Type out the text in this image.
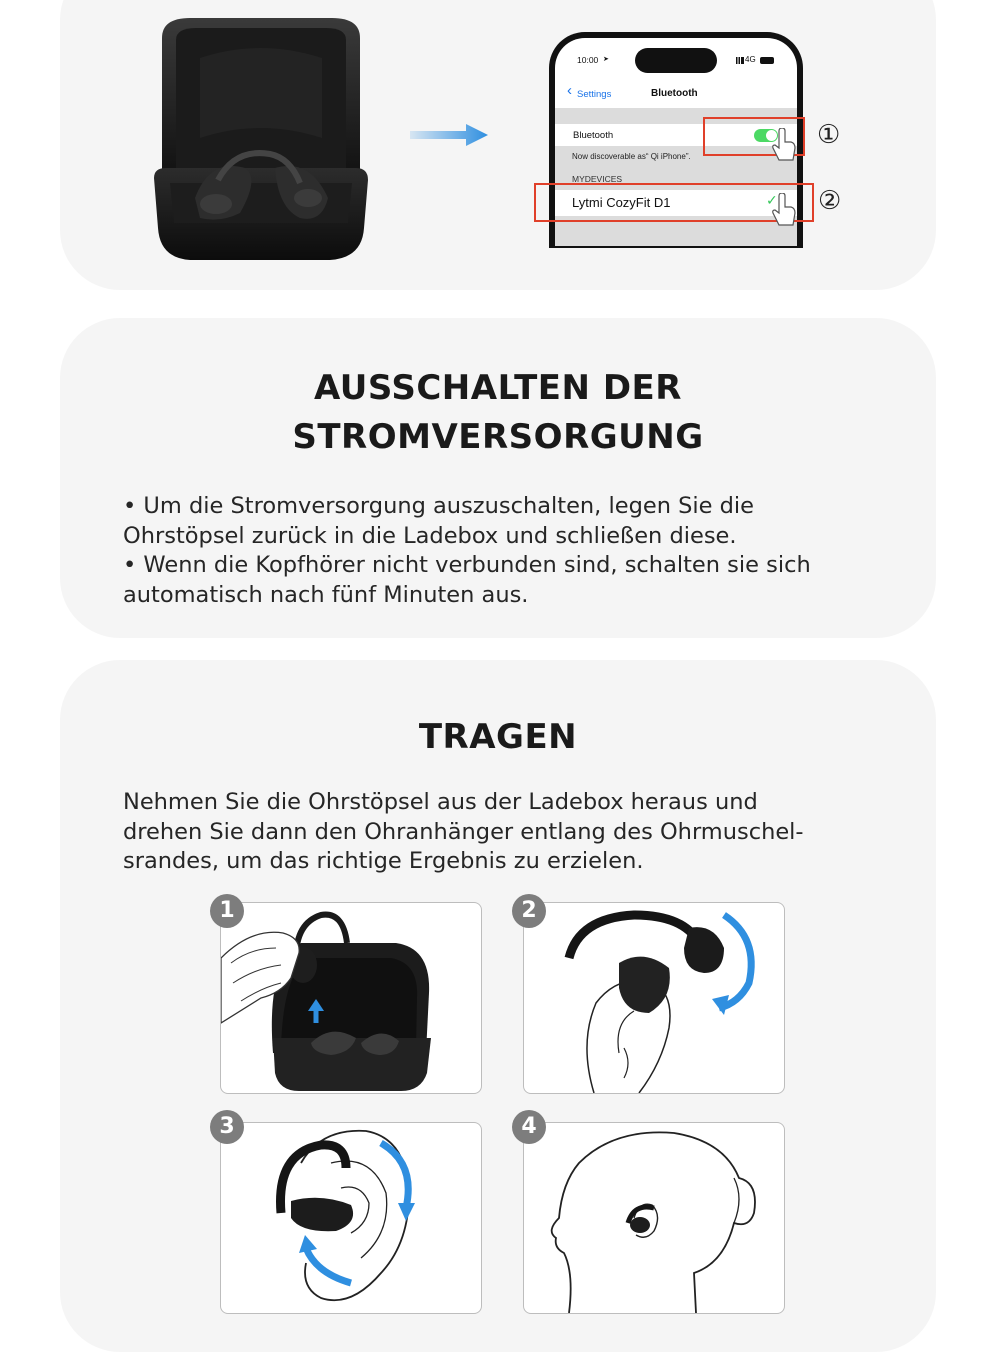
10:00 ➤	4G
‹ Settings	Bluetooth
Bluetooth
Now discoverable as“ Qi iPhone”.
MYDEVICES
Lytmi CozyFit D1	✓
①
②
AUSSCHALTEN DER
STROMVERSORGUNG

• Um die Stromversorgung auszuschalten, legen Sie die

Ohrstöpsel zurück in die Ladebox und schließen diese.

• Wenn die Kopfhörer nicht verbunden sind, schalten sie sich

automatisch nach fünf Minuten aus.

TRAGEN

Nehmen Sie die Ohrstöpsel aus der Ladebox heraus und

drehen Sie dann den Ohranhänger entlang des Ohrmuschel-

srandes, um das richtige Ergebnis zu erzielen.

1	2
3	4
